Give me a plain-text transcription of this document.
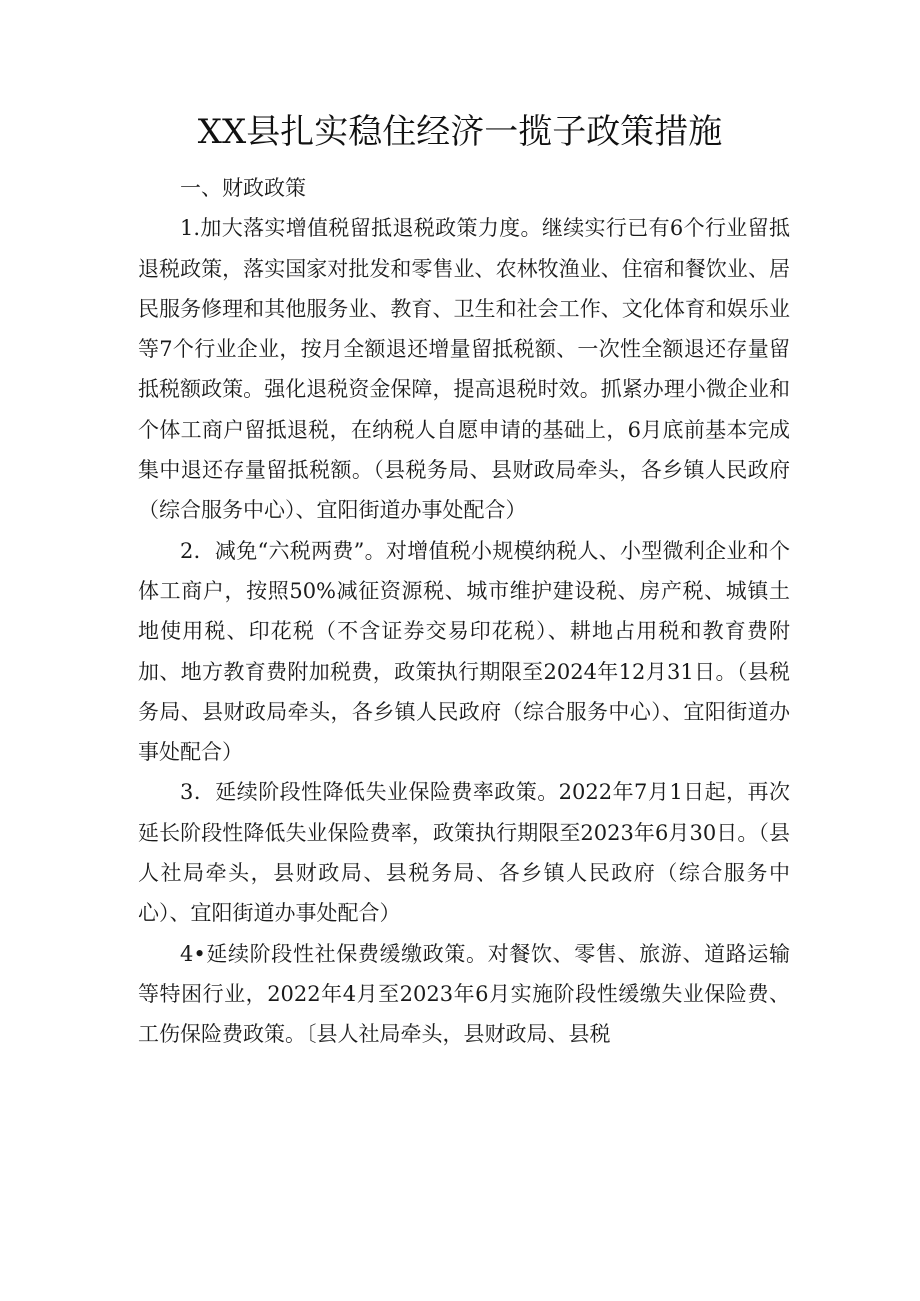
XX县扎实稳住经济一揽子政策措施
一、财政政策

1.加大落实增值税留抵退税政策力度。继续实行已有6个行业留抵退税政策，落实国家对批发和零售业、农林牧渔业、住宿和餐饮业、居民服务修理和其他服务业、教育、卫生和社会工作、文化体育和娱乐业等7个行业企业，按月全额退还增量留抵税额、一次性全额退还存量留抵税额政策。强化退税资金保障，提高退税时效。抓紧办理小微企业和个体工商户留抵退税，在纳税人自愿申请的基础上，6月底前基本完成集中退还存量留抵税额。（县税务局、县财政局牵头，各乡镇人民政府（综合服务中心）、宜阳街道办事处配合）

2．减免“六税两费”。对增值税小规模纳税人、小型微利企业和个体工商户，按照50%减征资源税、城市维护建设税、房产税、城镇土地使用税、印花税（不含证券交易印花税）、耕地占用税和教育费附加、地方教育费附加税费，政策执行期限至2024年12月31日。（县税务局、县财政局牵头，各乡镇人民政府（综合服务中心）、宜阳街道办事处配合）

3．延续阶段性降低失业保险费率政策。2022年7月1日起，再次延长阶段性降低失业保险费率，政策执行期限至2023年6月30日。（县人社局牵头，县财政局、县税务局、各乡镇人民政府（综合服务中心）、宜阳街道办事处配合）

4•延续阶段性社保费缓缴政策。对餐饮、零售、旅游、道路运输等特困行业，2022年4月至2023年6月实施阶段性缓缴失业保险费、工伤保险费政策。〔县人社局牵头，县财政局、县税
